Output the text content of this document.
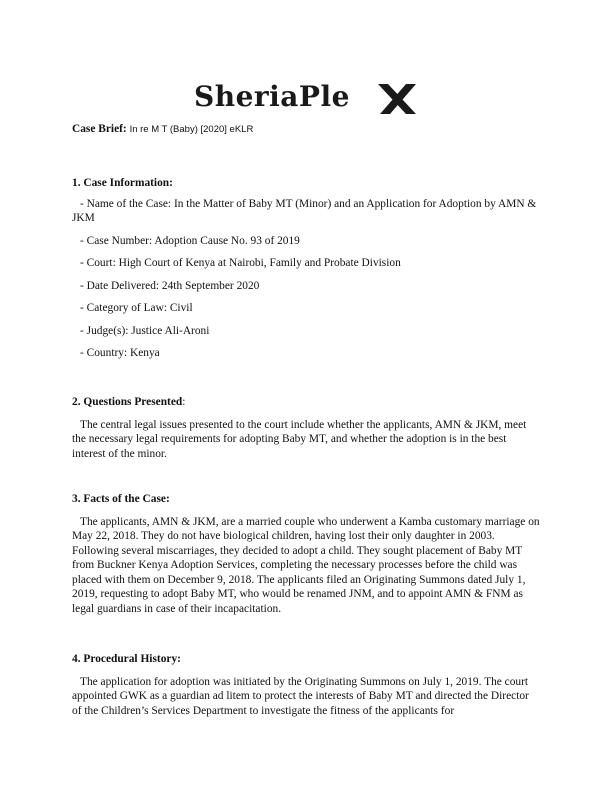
SheriaPle

Case Brief: In re M T (Baby) [2020] eKLR

1. Case Information:

- Name of the Case: In the Matter of Baby MT (Minor) and an Application for Adoption by AMN & JKM

- Case Number: Adoption Cause No. 93 of 2019

- Court: High Court of Kenya at Nairobi, Family and Probate Division

- Date Delivered: 24th September 2020

- Category of Law: Civil

- Judge(s): Justice Ali-Aroni

- Country: Kenya

2. Questions Presented:

The central legal issues presented to the court include whether the applicants, AMN & JKM, meet the necessary legal requirements for adopting Baby MT, and whether the adoption is in the best interest of the minor.

3. Facts of the Case:

The applicants, AMN & JKM, are a married couple who underwent a Kamba customary marriage on May 22, 2018. They do not have biological children, having lost their only daughter in 2003. Following several miscarriages, they decided to adopt a child. They sought placement of Baby MT from Buckner Kenya Adoption Services, completing the necessary processes before the child was placed with them on December 9, 2018. The applicants filed an Originating Summons dated July 1, 2019, requesting to adopt Baby MT, who would be renamed JNM, and to appoint AMN & FNM as legal guardians in case of their incapacitation.

4. Procedural History:

The application for adoption was initiated by the Originating Summons on July 1, 2019. The court appointed GWK as a guardian ad litem to protect the interests of Baby MT and directed the Director of the Children’s Services Department to investigate the fitness of the applicants for
